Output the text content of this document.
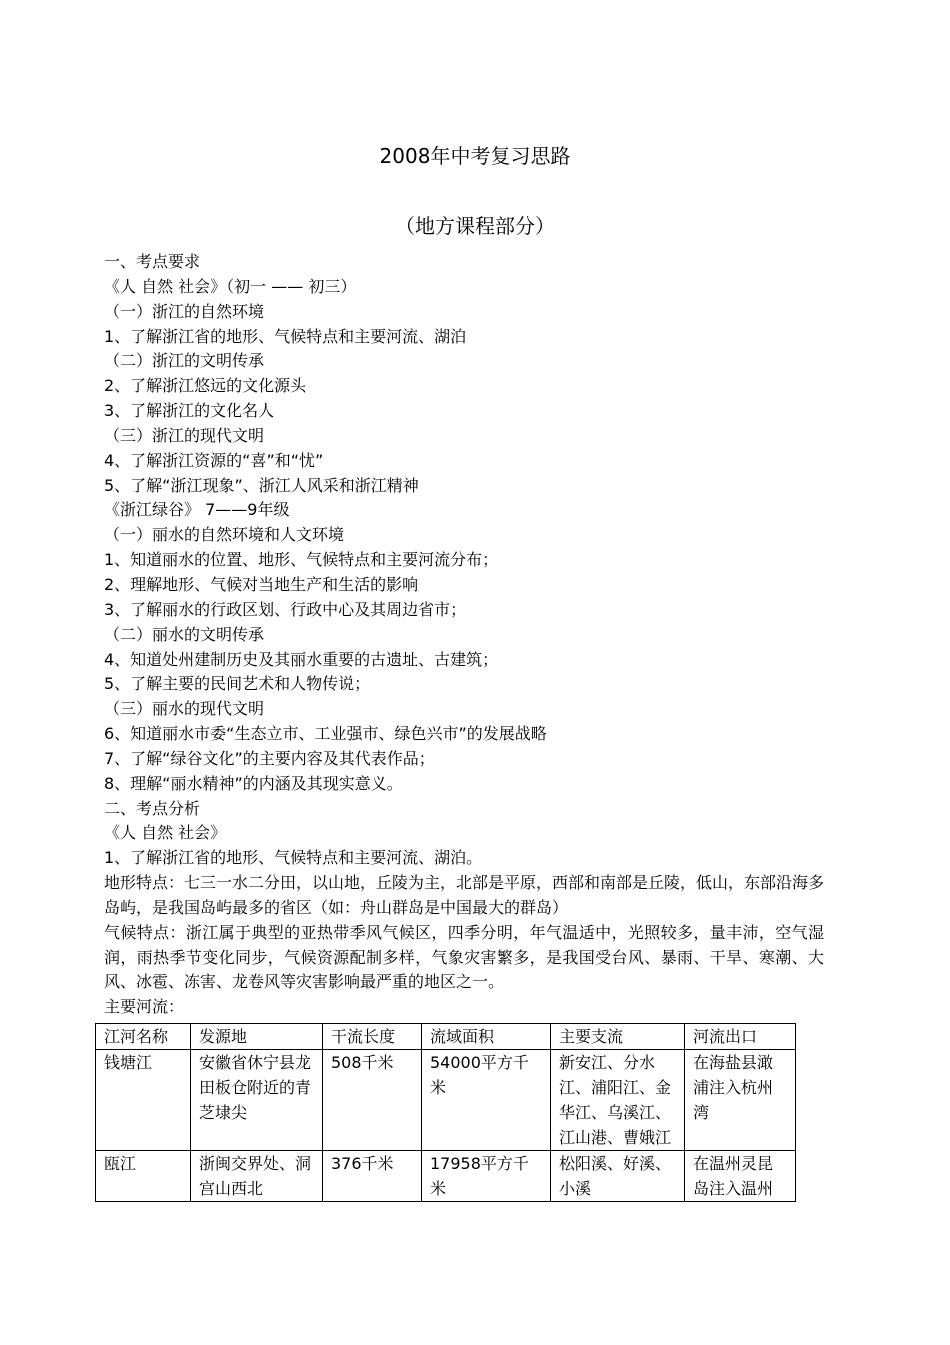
2008年中考复习思路
（地方课程部分）
一、考点要求
《人 自然 社会》（初一 —— 初三）
（一）浙江的自然环境
1、了解浙江省的地形、气候特点和主要河流、湖泊
（二）浙江的文明传承
2、了解浙江悠远的文化源头
3、了解浙江的文化名人
（三）浙江的现代文明
4、了解浙江资源的“喜”和“忧”
5、了解“浙江现象”、浙江人风采和浙江精神
《浙江绿谷》 7——9年级
（一）丽水的自然环境和人文环境
1、知道丽水的位置、地形、气候特点和主要河流分布；
2、理解地形、气候对当地生产和生活的影响
3、了解丽水的行政区划、行政中心及其周边省市；
（二）丽水的文明传承
4、知道处州建制历史及其丽水重要的古遗址、古建筑；
5、了解主要的民间艺术和人物传说；
（三）丽水的现代文明
6、知道丽水市委“生态立市、工业强市、绿色兴市”的发展战略
7、了解“绿谷文化”的主要内容及其代表作品；
8、理解“丽水精神”的内涵及其现实意义。
二、考点分析
《人 自然 社会》
1、了解浙江省的地形、气候特点和主要河流、湖泊。
地形特点：七三一水二分田，以山地，丘陵为主，北部是平原，西部和南部是丘陵，低山，东部沿海多岛屿，是我国岛屿最多的省区（如：舟山群岛是中国最大的群岛）
气候特点：浙江属于典型的亚热带季风气候区，四季分明，年气温适中，光照较多，量丰沛，空气湿润，雨热季节变化同步，气候资源配制多样，气象灾害繁多，是我国受台风、暴雨、干旱、寒潮、大风、冰雹、冻害、龙卷风等灾害影响最严重的地区之一。
主要河流：
江河名称	发源地	干流长度	流域面积	主要支流	河流出口
钱塘江	安徽省休宁县龙田板仓附近的青芝埭尖	508千米	54000平方千米	新安江、分水江、浦阳江、金华江、乌溪江、江山港、曹娥江	在海盐县澉浦注入杭州湾
瓯江	浙闽交界处、洞宫山西北	376千米	17958平方千米	松阳溪、好溪、小溪	在温州灵昆岛注入温州
